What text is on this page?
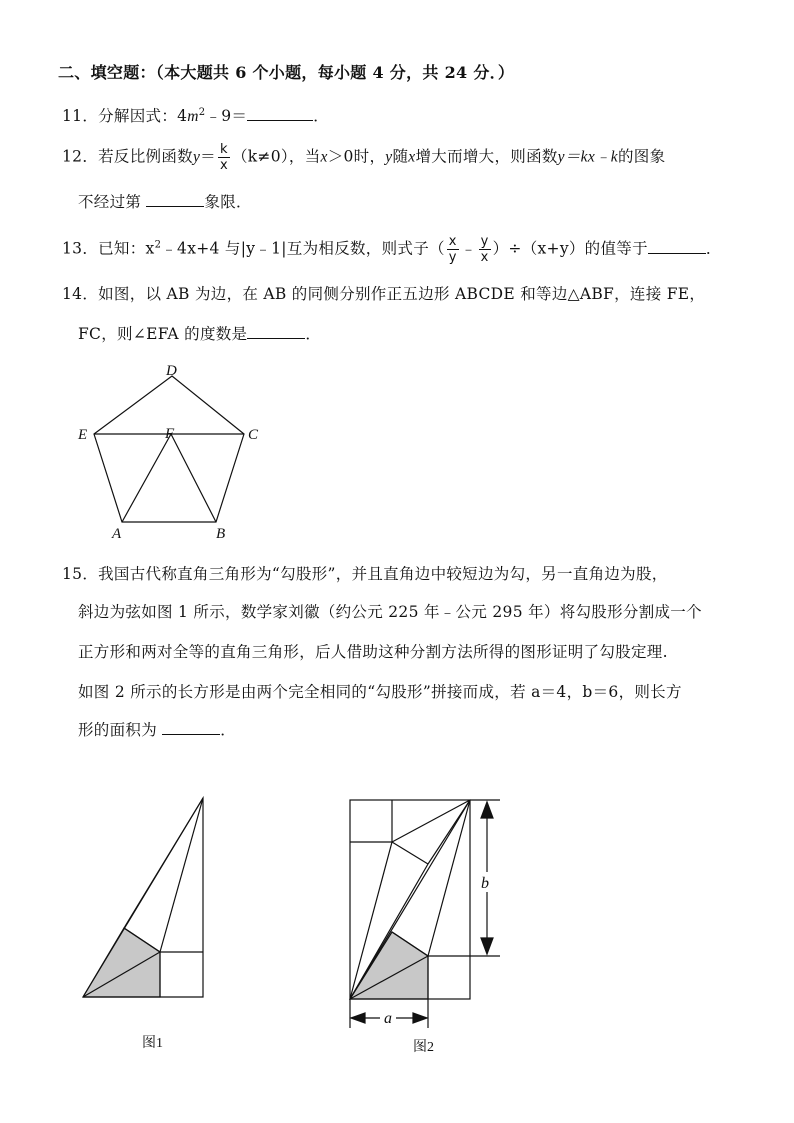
二、填空题：（本大题共 6 个小题，每小题 4 分，共 24 分．）
11．分解因式：$4m^2﹣9=$	．
12．若反比例函数$y= \frac{k}{x} (k\ne 0)$，当x＞0时，y随x增大而增大，则函数y＝kx﹣k的图象
不经过第	象限．
13．已知：$x^2﹣4x+4$ 与|y﹣1|互为相反数，则式子（ $\frac{x}{y}$ ﹣ $\frac{y}{x} )\div(x+y)$的值等于	．
14．如图，以 AB 为边，在 AB 的同侧分别作正五边形 ABCDE 和等边△ABF，连接 FE，
FC，则∠EFA 的度数是	．
D
E	F	C
A	B
15．我国古代称直角三角形为“勾股形”，并且直角边中较短边为勾，另一直角边为股，
斜边为弦如图 1 所示，数学家刘徽（约公元 225 年﹣公元 295 年）将勾股形分割成一个
正方形和两对全等的直角三角形，后人借助这种分割方法所得的图形证明了勾股定理.
如图 2 所示的长方形是由两个完全相同的“勾股形”拼接而成，若 a＝4，b＝6，则长方
形的面积为	．
图1
b
a
图2
